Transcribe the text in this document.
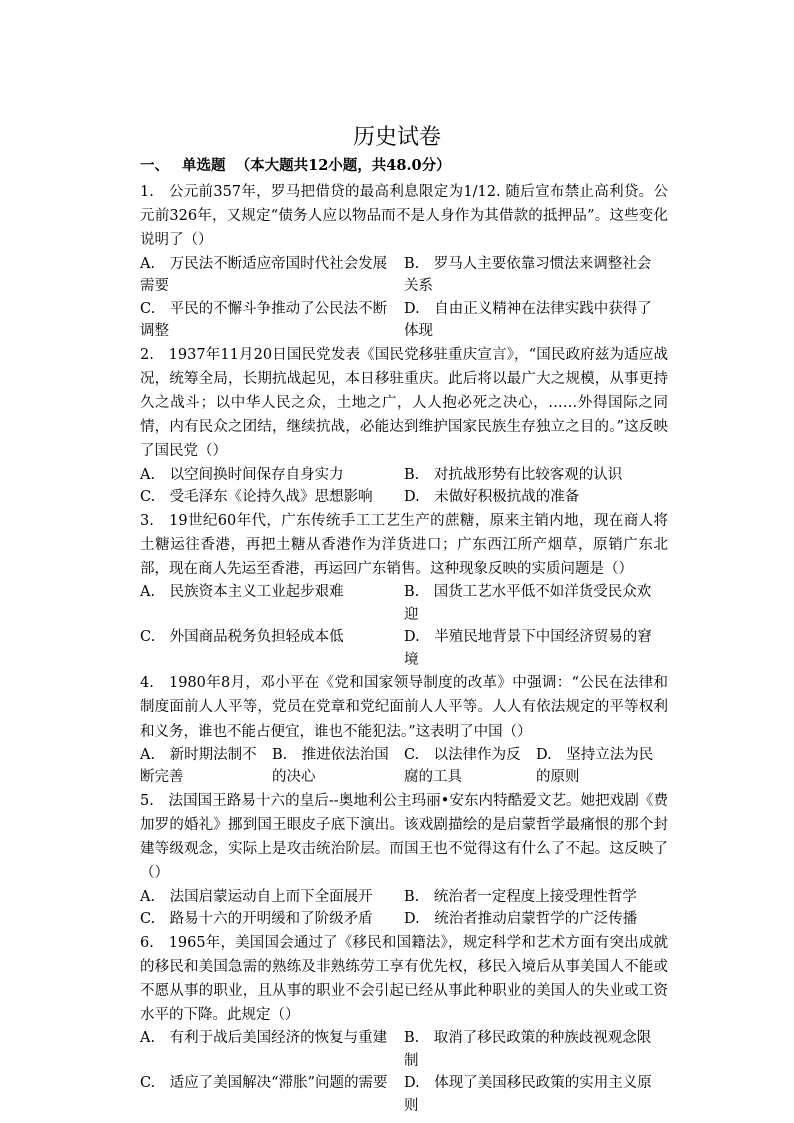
历史试卷
一、 单选题 （本大题共12小题，共48.0分）

1.　公元前357年，罗马把借贷的最高利息限定为1/12. 随后宣布禁止高利贷。公元前326年，又规定“债务人应以物品而不是人身作为其借款的抵押品”。这些变化说明了（）

A.　万民法不断适应帝国时代社会发展需要
B.　罗马人主要依靠习惯法来调整社会关系
C.　平民的不懈斗争推动了公民法不断调整
D.　自由正义精神在法律实践中获得了体现

2.　1937年11月20日国民党发表《国民党移驻重庆宣言》，“国民政府兹为适应战况，统筹全局，长期抗战起见，本日移驻重庆。此后将以最广大之规模，从事更持久之战斗；以中华人民之众，土地之广，人人抱必死之决心，……外得国际之同情，内有民众之团结，继续抗战，必能达到维护国家民族生存独立之目的。”这反映了国民党（）

A.　以空间换时间保存自身实力	B.　对抗战形势有比较客观的认识
C.　受毛泽东《论持久战》思想影响	D.　未做好积极抗战的准备

3.　19世纪60年代，广东传统手工工艺生产的蔗糖，原来主销内地，现在商人将土糖运往香港，再把土糖从香港作为洋货进口；广东西江所产烟草，原销广东北部，现在商人先运至香港，再运回广东销售。这种现象反映的实质问题是（）

A.　民族资本主义工业起步艰难	B.　国货工艺水平低不如洋货受民众欢迎
C.　外国商品税务负担轻成本低	D.　半殖民地背景下中国经济贸易的窘境

4.　1980年8月，邓小平在《党和国家领导制度的改革》中强调：“公民在法律和制度面前人人平等，党员在党章和党纪面前人人平等。人人有依法规定的平等权利和义务，谁也不能占便宜，谁也不能犯法。”这表明了中国（）

A.　新时期法制不断完善
B.　推进依法治国的决心
C.　以法律作为反腐的工具
D.　坚持立法为民的原则

5.　法国国王路易十六的皇后--奥地利公主玛丽•安东内特酷爱文艺。她把戏剧《费加罗的婚礼》挪到国王眼皮子底下演出。该戏剧描绘的是启蒙哲学最痛恨的那个封建等级观念，实际上是攻击统治阶层。而国王也不觉得这有什么了不起。这反映了（）

A.　法国启蒙运动自上而下全面展开	B.　统治者一定程度上接受理性哲学
C.　路易十六的开明缓和了阶级矛盾	D.　统治者推动启蒙哲学的广泛传播

6.　1965年，美国国会通过了《移民和国籍法》，规定科学和艺术方面有突出成就的移民和美国急需的熟练及非熟练劳工享有优先权，移民入境后从事美国人不能或不愿从事的职业，且从事的职业不会引起已经从事此种职业的美国人的失业或工资水平的下降。此规定（）

A.　有利于战后美国经济的恢复与重建	B.　取消了移民政策的种族歧视观念限制
C.　适应了美国解决“滞胀”问题的需要	D.　体现了美国移民政策的实用主义原则
